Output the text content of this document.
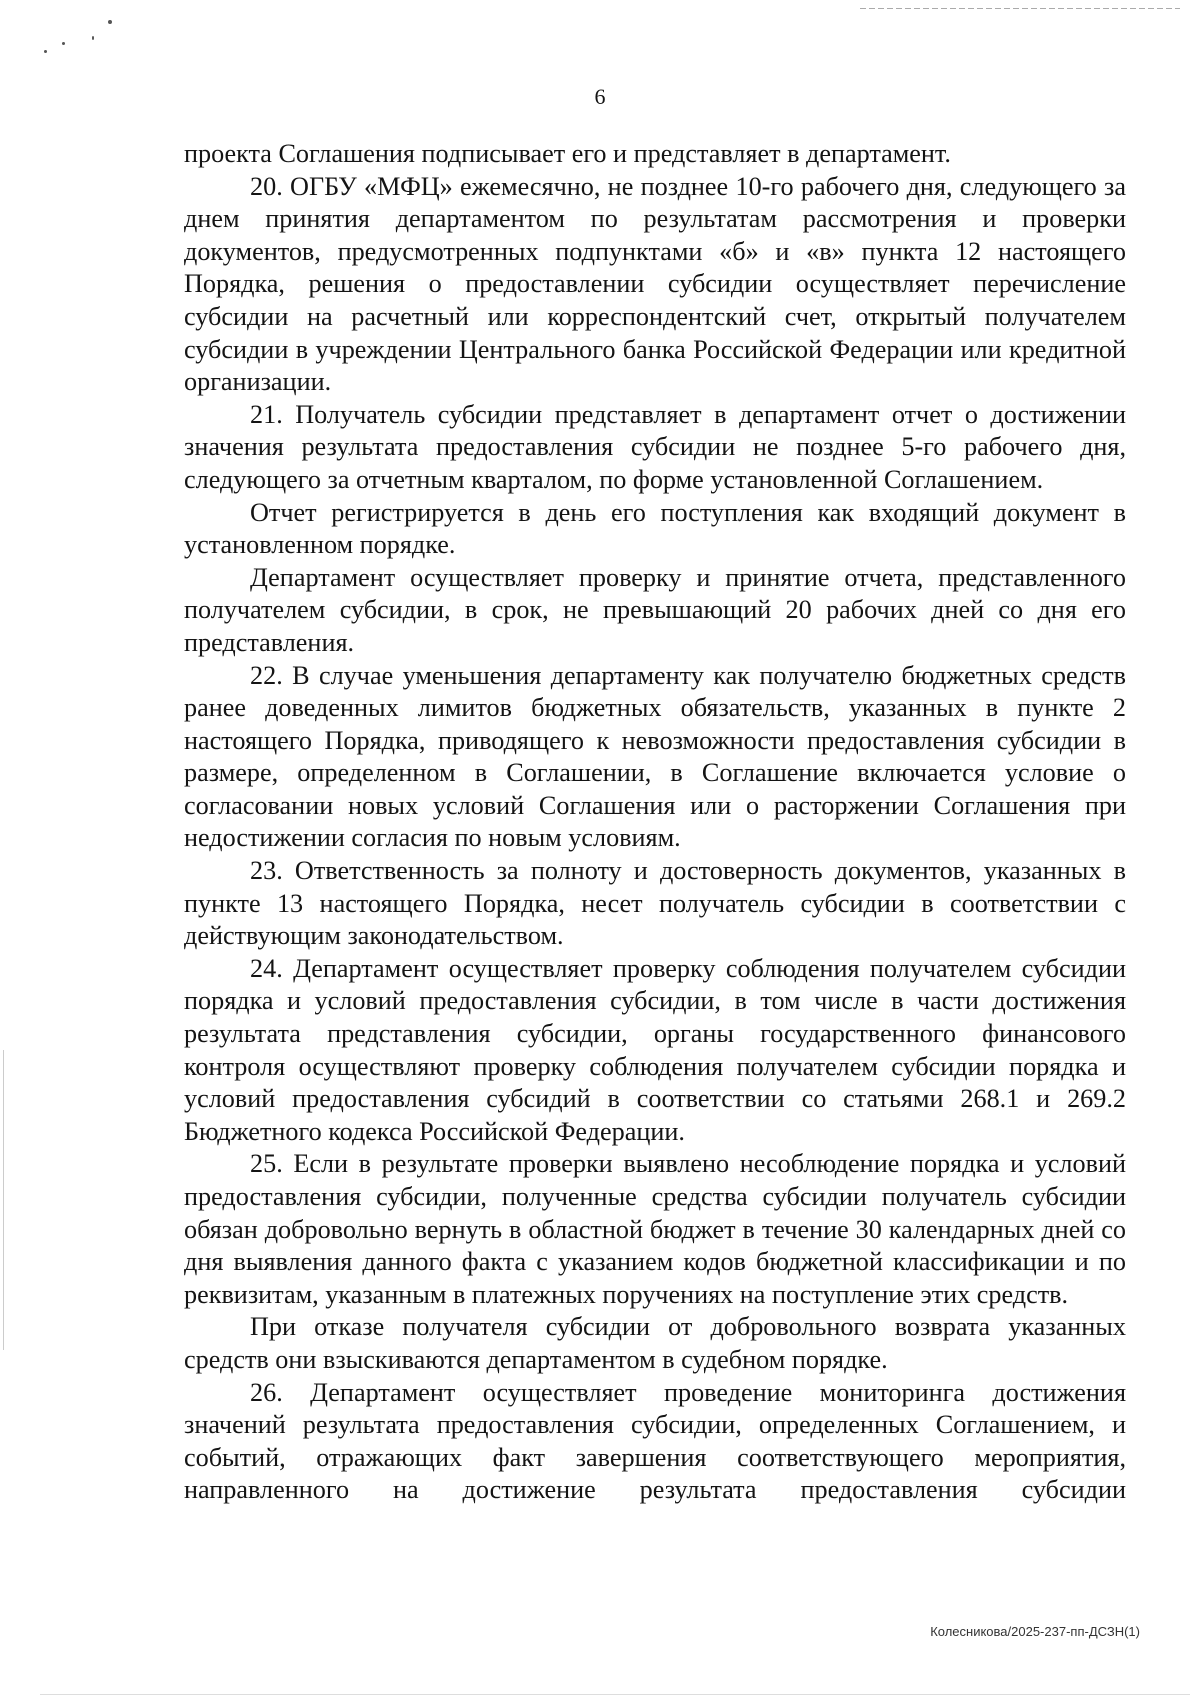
6

проекта Соглашения подписывает его и представляет в департамент.

20. ОГБУ «МФЦ» ежемесячно, не позднее 10-го рабочего дня, следующего за днем принятия департаментом по результатам рассмотрения и проверки документов, предусмотренных подпунктами «б» и «в» пункта 12 настоящего Порядка, решения о предоставлении субсидии осуществляет перечисление субсидии на расчетный или корреспондентский счет, открытый получателем субсидии в учреждении Центрального банка Российской Федерации или кредитной организации.

21. Получатель субсидии представляет в департамент отчет о достижении значения результата предоставления субсидии не позднее 5-го рабочего дня, следующего за отчетным кварталом, по форме установленной Соглашением.

Отчет регистрируется в день его поступления как входящий документ в установленном порядке.

Департамент осуществляет проверку и принятие отчета, представленного получателем субсидии, в срок, не превышающий 20 рабочих дней со дня его представления.

22. В случае уменьшения департаменту как получателю бюджетных средств ранее доведенных лимитов бюджетных обязательств, указанных в пункте 2 настоящего Порядка, приводящего к невозможности предоставления субсидии в размере, определенном в Соглашении, в Соглашение включается условие о согласовании новых условий Соглашения или о расторжении Соглашения при недостижении согласия по новым условиям.

23. Ответственность за полноту и достоверность документов, указанных в пункте 13 настоящего Порядка, несет получатель субсидии в соответствии с действующим законодательством.

24. Департамент осуществляет проверку соблюдения получателем субсидии порядка и условий предоставления субсидии, в том числе в части достижения результата представления субсидии, органы государственного финансового контроля осуществляют проверку соблюдения получателем субсидии порядка и условий предоставления субсидий в соответствии со статьями 268.1 и 269.2 Бюджетного кодекса Российской Федерации.

25. Если в результате проверки выявлено несоблюдение порядка и условий предоставления субсидии, полученные средства субсидии получатель субсидии обязан добровольно вернуть в областной бюджет в течение 30 календарных дней со дня выявления данного факта с указанием кодов бюджетной классификации и по реквизитам, указанным в платежных поручениях на поступление этих средств.

При отказе получателя субсидии от добровольного возврата указанных средств они взыскиваются департаментом в судебном порядке.

26. Департамент осуществляет проведение мониторинга достижения значений результата предоставления субсидии, определенных Соглашением, и событий, отражающих факт завершения соответствующего мероприятия, направленного на достижение результата предоставления субсидии

Колесникова/2025-237-пп-ДСЗН(1)
